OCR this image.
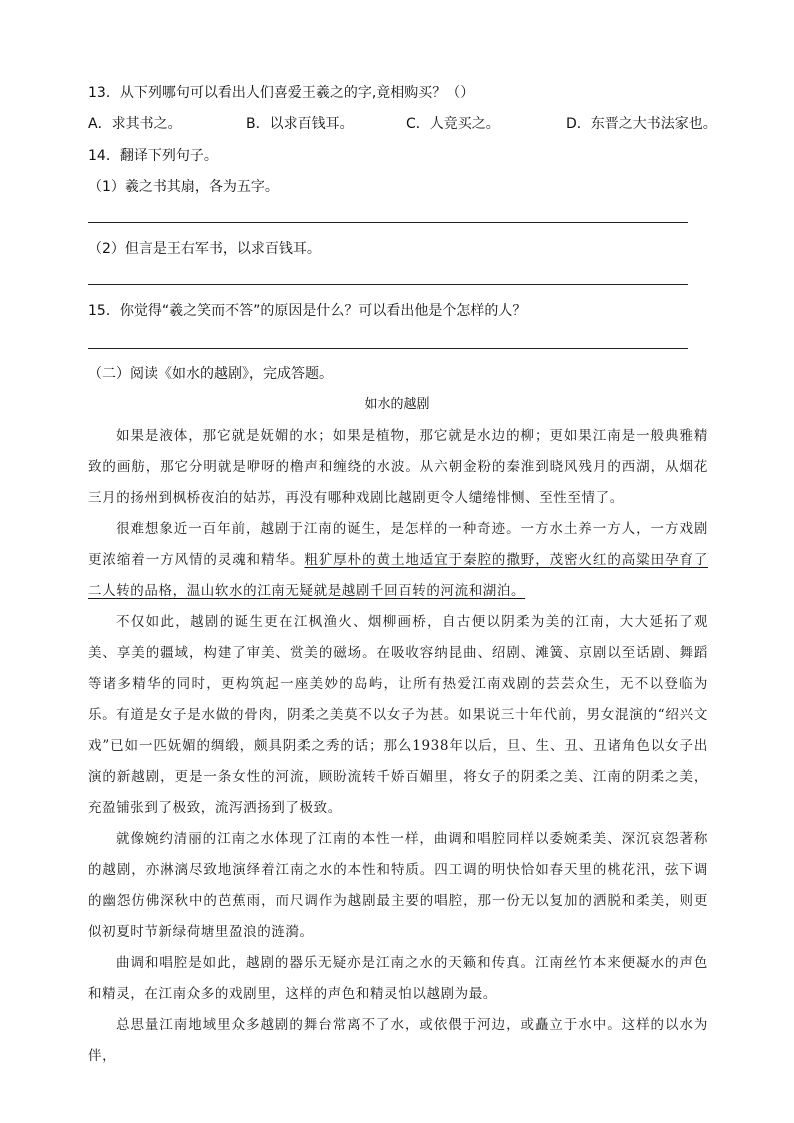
13．从下列哪句可以看出人们喜爱王羲之的字,竟相购买？（）
A．求其书之。	B．以求百钱耳。	C．人竞买之。	D．东晋之大书法家也。
14．翻译下列句子。
（1）羲之书其扇，各为五字。
（2）但言是王右军书，以求百钱耳。
15．你觉得“羲之笑而不答”的原因是什么？可以看出他是个怎样的人？
（二）阅读《如水的越剧》，完成答题。
如水的越剧
如果是液体，那它就是妩媚的水；如果是植物，那它就是水边的柳；更如果江南是一般典雅精致的画舫，那它分明就是咿呀的橹声和缠绕的水波。从六朝金粉的秦淮到晓风残月的西湖，从烟花三月的扬州到枫桥夜泊的姑苏，再没有哪种戏剧比越剧更令人缱绻悱恻、至性至情了。
很难想象近一百年前，越剧于江南的诞生，是怎样的一种奇迹。一方水土养一方人，一方戏剧更浓缩着一方风情的灵魂和精华。粗犷厚朴的黄土地适宜于秦腔的撒野，茂密火红的高粱田孕育了二人转的品格，温山软水的江南无疑就是越剧千回百转的河流和湖泊。
不仅如此，越剧的诞生更在江枫渔火、烟柳画桥，自古便以阴柔为美的江南，大大延拓了观美、享美的疆域，构建了审美、赏美的磁场。在吸收容纳昆曲、绍剧、滩簧、京剧以至话剧、舞蹈等诸多精华的同时，更构筑起一座美妙的岛屿，让所有热爱江南戏剧的芸芸众生，无不以登临为乐。 有道是女子是水做的骨肉，阴柔之美莫不以女子为甚。如果说三十年代前，男女混演的“绍兴文戏”已如一匹妩媚的绸缎，颇具阴柔之秀的话；那么1938年以后，旦、生、丑、丑诸角色以女子出演的新越剧，更是一条女性的河流，顾盼流转千娇百媚里，将女子的阴柔之美、江南的阴柔之美，充盈铺张到了极致，流泻洒扬到了极致。
就像婉约清丽的江南之水体现了江南的本性一样，曲调和唱腔同样以委婉柔美、深沉哀怨著称的越剧，亦淋漓尽致地演绎着江南之水的本性和特质。四工调的明快恰如春天里的桃花汛，弦下调的幽怨仿佛深秋中的芭蕉雨，而尺调作为越剧最主要的唱腔，那一份无以复加的洒脱和柔美，则更似初夏时节新绿荷塘里盈浪的涟漪。
曲调和唱腔是如此，越剧的器乐无疑亦是江南之水的天籁和传真。江南丝竹本来便凝水的声色和精灵，在江南众多的戏剧里，这样的声色和精灵怕以越剧为最。
总思量江南地域里众多越剧的舞台常离不了水，或依偎于河边，或矗立于水中。这样的以水为伴，
